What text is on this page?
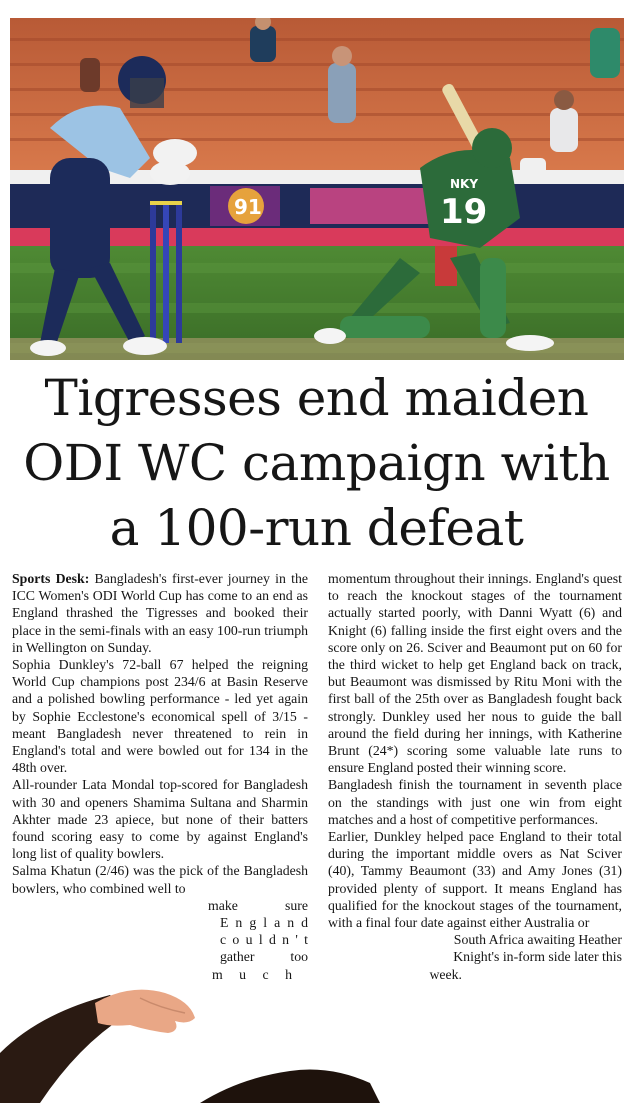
91	19
NKY
Tigresses end maiden
ODI WC campaign with
a 100-run defeat

Sports Desk: Bangladesh's first-ever journey in the ICC Women's ODI World Cup has come to an end as England thrashed the Tigresses and booked their place in the semi-finals with an easy 100-run triumph in Wellington on Sunday.

Sophia Dunkley's 72-ball 67 helped the reigning World Cup champions post 234/6 at Basin Reserve and a polished bowling performance - led yet again by Sophie Ecclestone's economical spell of 3/15 - meant Bangladesh never threatened to rein in England's total and were bowled out for 134 in the 48th over.

All-rounder Lata Mondal top-scored for Bangladesh with 30 and openers Shamima Sultana and Sharmin Akhter made 23 apiece, but none of their batters found scoring easy to come by against England's long list of quality bowlers.

Salma Khatun (2/46) was the pick of the Bangladesh bowlers, who combined well to

make sure
E n g l a n d
c o u l d n ' t
gather too
m u c h

momentum throughout their innings. England's quest to reach the knockout stages of the tournament actually started poorly, with Danni Wyatt (6) and Knight (6) falling inside the first eight overs and the score only on 26. Sciver and Beaumont put on 60 for the third wicket to help get England back on track, but Beaumont was dismissed by Ritu Moni with the first ball of the 25th over as Bangladesh fought back strongly. Dunkley used her nous to guide the ball around the field during her innings, with Katherine Brunt (24*) scoring some valuable late runs to ensure England posted their winning score.

Bangladesh finish the tournament in seventh place on the standings with just one win from eight matches and a host of competitive performances.

Earlier, Dunkley helped pace England to their total during the important middle overs as Nat Sciver (40), Tammy Beaumont (33) and Amy Jones (31) provided plenty of support. It means England has qualified for the knockout stages of the tournament, with a final four date against either Australia or

South Africa awaiting Heather
Knight's in-form side later this
week.
